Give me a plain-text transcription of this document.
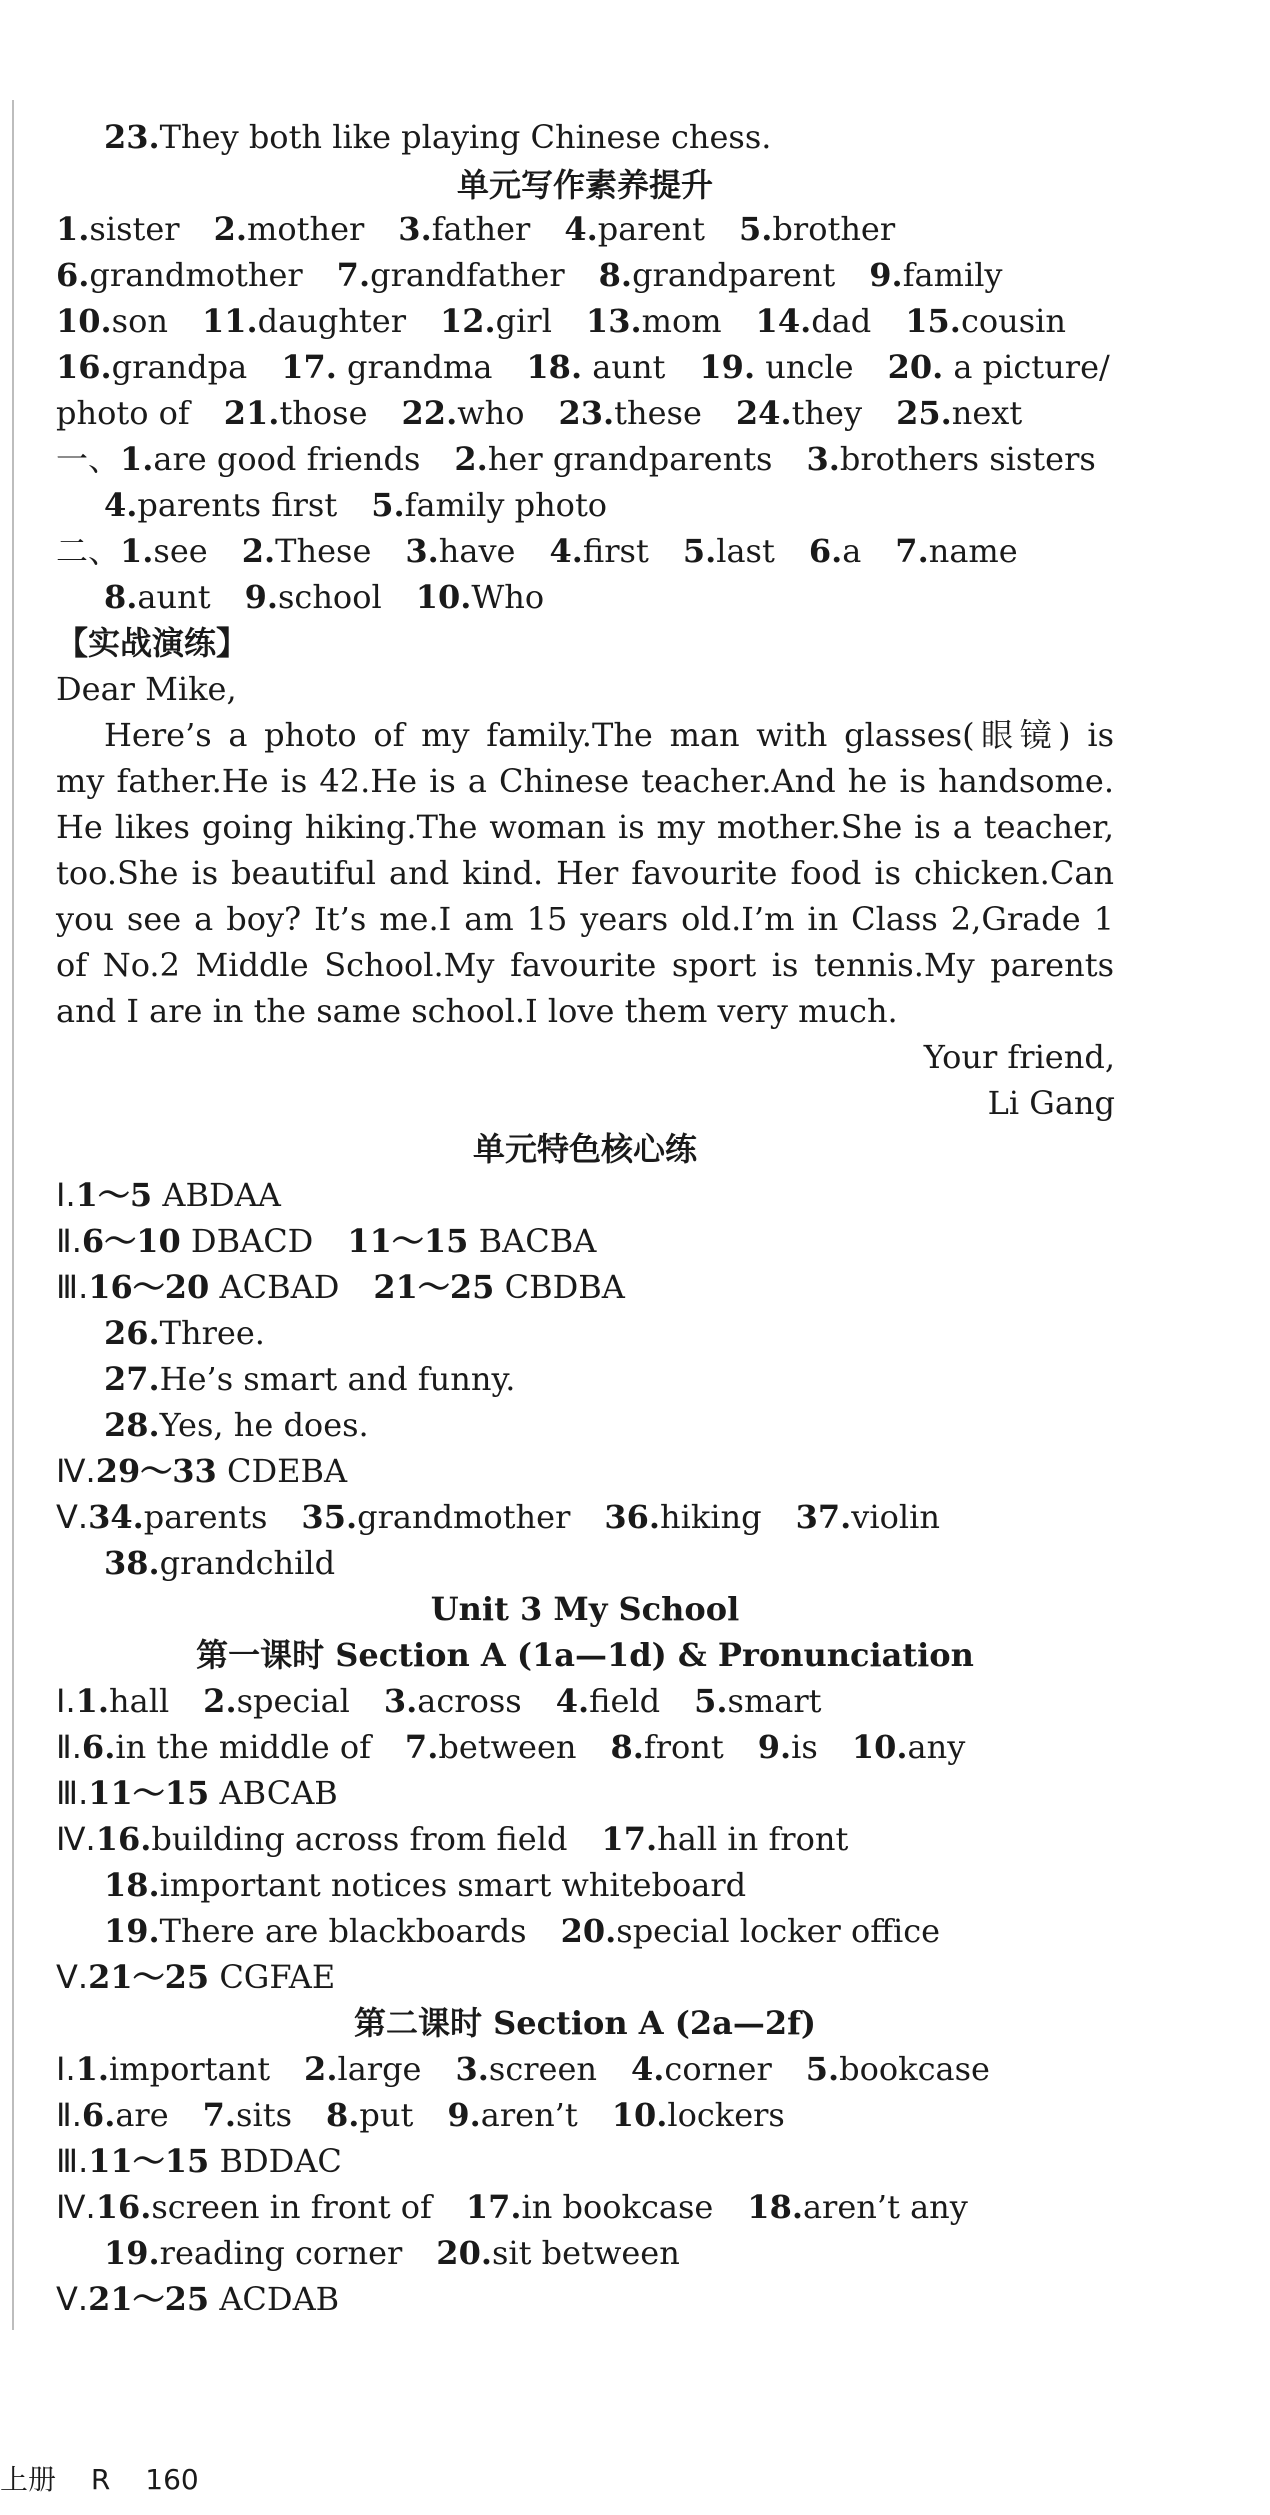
23.They both like playing Chinese chess.
单元写作素养提升
1.sister 2.mother 3.father 4.parent 5.brother
6.grandmother 7.grandfather 8.grandparent 9.family
10.son 11.daughter 12.girl 13.mom 14.dad 15.cousin
16.grandpa 17. grandma 18. aunt 19. uncle 20. a picture/
photo of 21.those 22.who 23.these 24.they 25.next
一、1.are good friends 2.her grandparents 3.brothers sisters
4.parents first 5.family photo
二、1.see 2.These 3.have 4.first 5.last 6.a 7.name
8.aunt 9.school 10.Who
【实战演练】
Dear Mike,
Here’s a photo of my family.The man with glasses(眼镜) is
my father.He is 42.He is a Chinese teacher.And he is handsome.
He likes going hiking.The woman is my mother.She is a teacher,
too.She is beautiful and kind. Her favourite food is chicken.Can
you see a boy? It’s me.I am 15 years old.I’m in Class 2,Grade 1
of No.2 Middle School.My favourite sport is tennis.My parents
and I are in the same school.I love them very much.
Your friend,
Li Gang
单元特色核心练
Ⅰ.1～5 ABDAA
Ⅱ.6～10 DBACD 11～15 BACBA
Ⅲ.16～20 ACBAD 21～25 CBDBA
26.Three.
27.He’s smart and funny.
28.Yes, he does.
Ⅳ.29～33 CDEBA
Ⅴ.34.parents 35.grandmother 36.hiking 37.violin
38.grandchild
Unit 3 My School
第一课时 Section A (1a—1d) & Pronunciation
Ⅰ.1.hall 2.special 3.across 4.field 5.smart
Ⅱ.6.in the middle of 7.between 8.front 9.is 10.any
Ⅲ.11～15 ABCAB
Ⅳ.16.building across from field 17.hall in front
18.important notices smart whiteboard
19.There are blackboards 20.special locker office
Ⅴ.21～25 CGFAE
第二课时 Section A (2a—2f)
Ⅰ.1.important 2.large 3.screen 4.corner 5.bookcase
Ⅱ.6.are 7.sits 8.put 9.aren’t 10.lockers
Ⅲ.11～15 BDDAC
Ⅳ.16.screen in front of 17.in bookcase 18.aren’t any
19.reading corner 20.sit between
Ⅴ.21～25 ACDAB
上册 R 160
